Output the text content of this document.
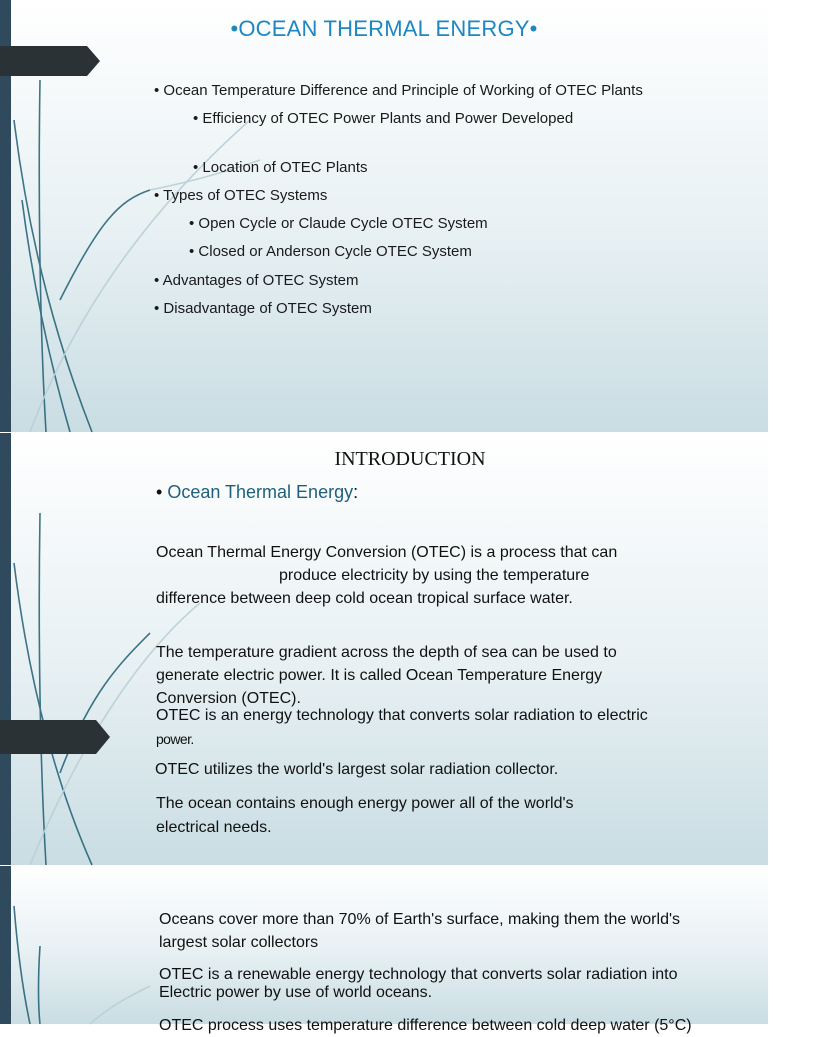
•OCEAN THERMAL ENERGY•
• Ocean Temperature Difference and Principle of Working of OTEC Plants
• Efficiency of OTEC Power Plants and Power Developed
• Location of OTEC Plants
• Types of OTEC Systems
• Open Cycle or Claude Cycle OTEC System
• Closed or Anderson Cycle OTEC System
• Advantages of OTEC System
• Disadvantage of OTEC System
INTRODUCTION
• Ocean Thermal Energy:
Ocean Thermal Energy Conversion (OTEC) is a process that can
produce electricity by using the temperature
difference between deep cold ocean tropical surface water.
The temperature gradient across the depth of sea can be used to
generate electric power. It is called Ocean Temperature Energy
Conversion (OTEC).
OTEC is an energy technology that converts solar radiation to electric
power.
OTEC utilizes the world's largest solar radiation collector.
The ocean contains enough energy power all of the world's
electrical needs.
Oceans cover more than 70% of Earth's surface, making them the world's
largest solar collectors
OTEC is a renewable energy technology that converts solar radiation into
Electric power by use of world oceans.
OTEC process uses temperature difference between cold deep water (5°C)
